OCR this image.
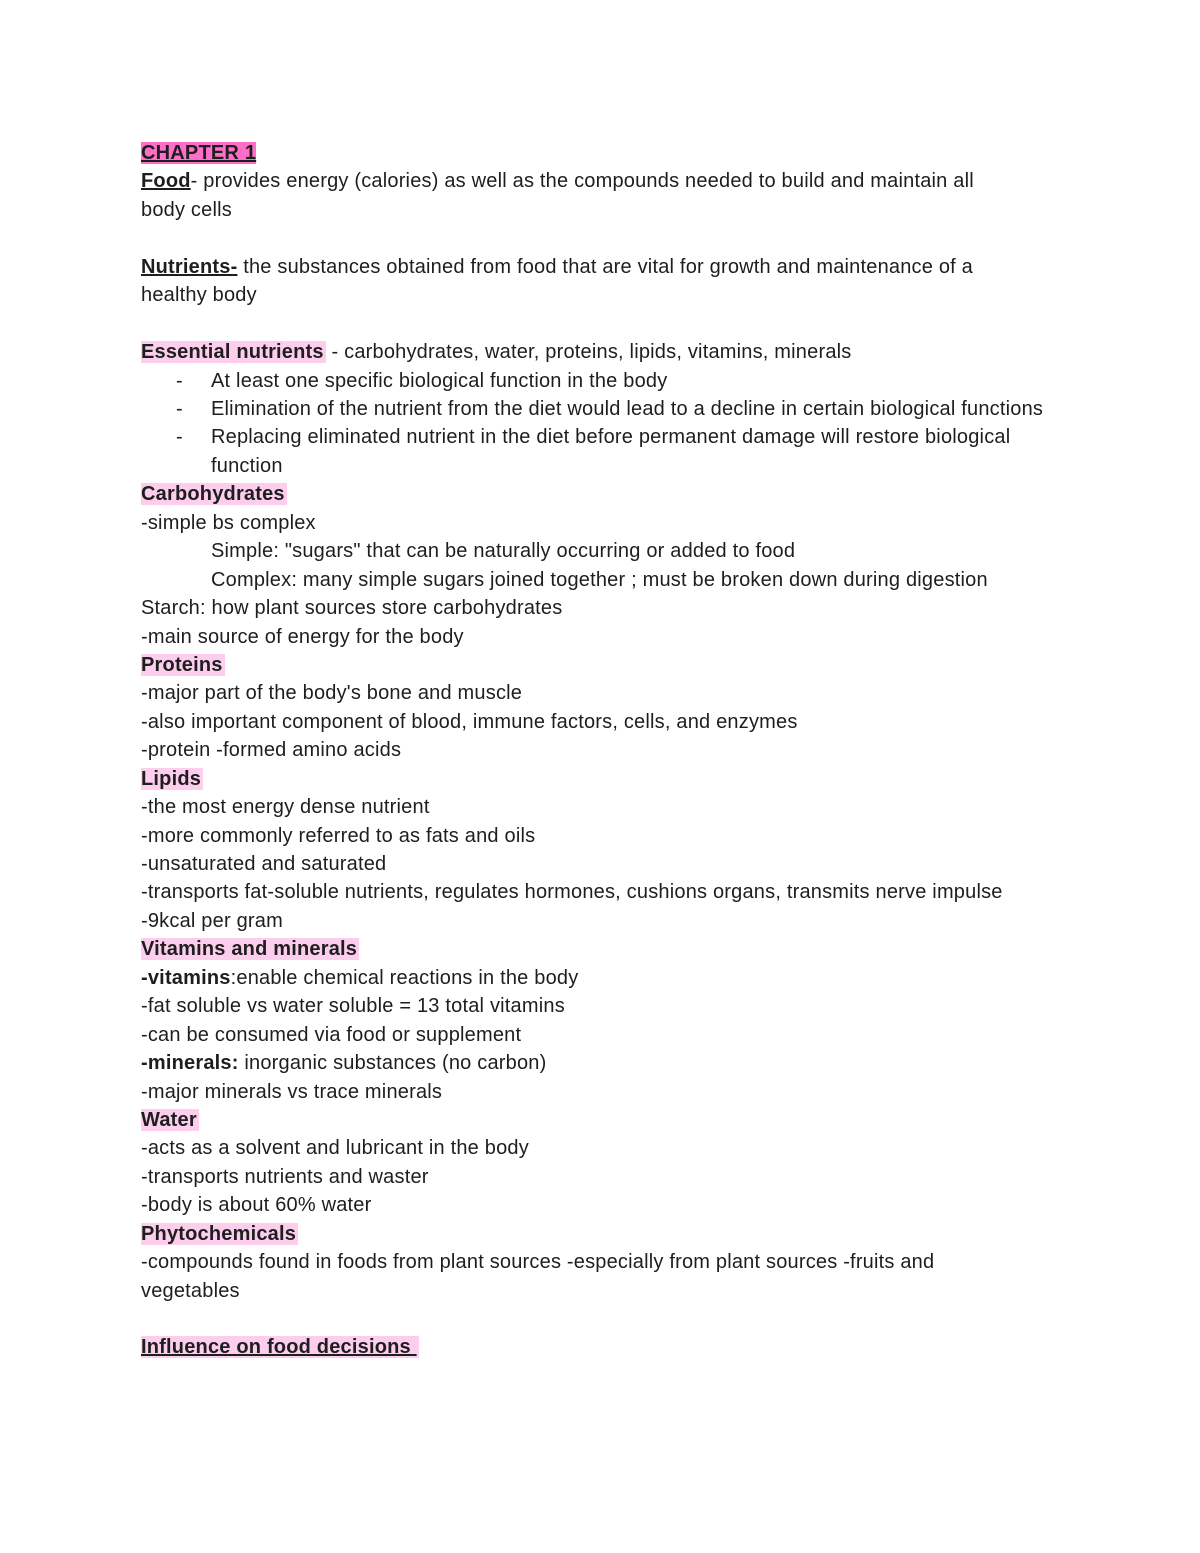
CHAPTER 1
Food- provides energy (calories) as well as the compounds needed to build and maintain all
body cells
Nutrients- the substances obtained from food that are vital for growth and maintenance of a
healthy body
Essential nutrients - carbohydrates, water, proteins, lipids, vitamins, minerals
- At least one specific biological function in the body
- Elimination of the nutrient from the diet would lead to a decline in certain biological functions
- Replacing eliminated nutrient in the diet before permanent damage will restore biological function
Carbohydrates
-simple bs complex
Simple: "sugars" that can be naturally occurring or added to food
Complex: many simple sugars joined together ; must be broken down during digestion
Starch: how plant sources store carbohydrates
-main source of energy for the body
Proteins
-major part of the body's bone and muscle
-also important component of blood, immune factors, cells, and enzymes
-protein -formed amino acids
Lipids
-the most energy dense nutrient
-more commonly referred to as fats and oils
-unsaturated and saturated
-transports fat-soluble nutrients, regulates hormones, cushions organs, transmits nerve impulse
-9kcal per gram
Vitamins and minerals
-vitamins:enable chemical reactions in the body
-fat soluble vs water soluble = 13 total vitamins
-can be consumed via food or supplement
-minerals: inorganic substances (no carbon)
-major minerals vs trace minerals
Water
-acts as a solvent and lubricant in the body
-transports nutrients and waster
-body is about 60% water
Phytochemicals
-compounds found in foods from plant sources -especially from plant sources -fruits and
vegetables
Influence on food decisions
